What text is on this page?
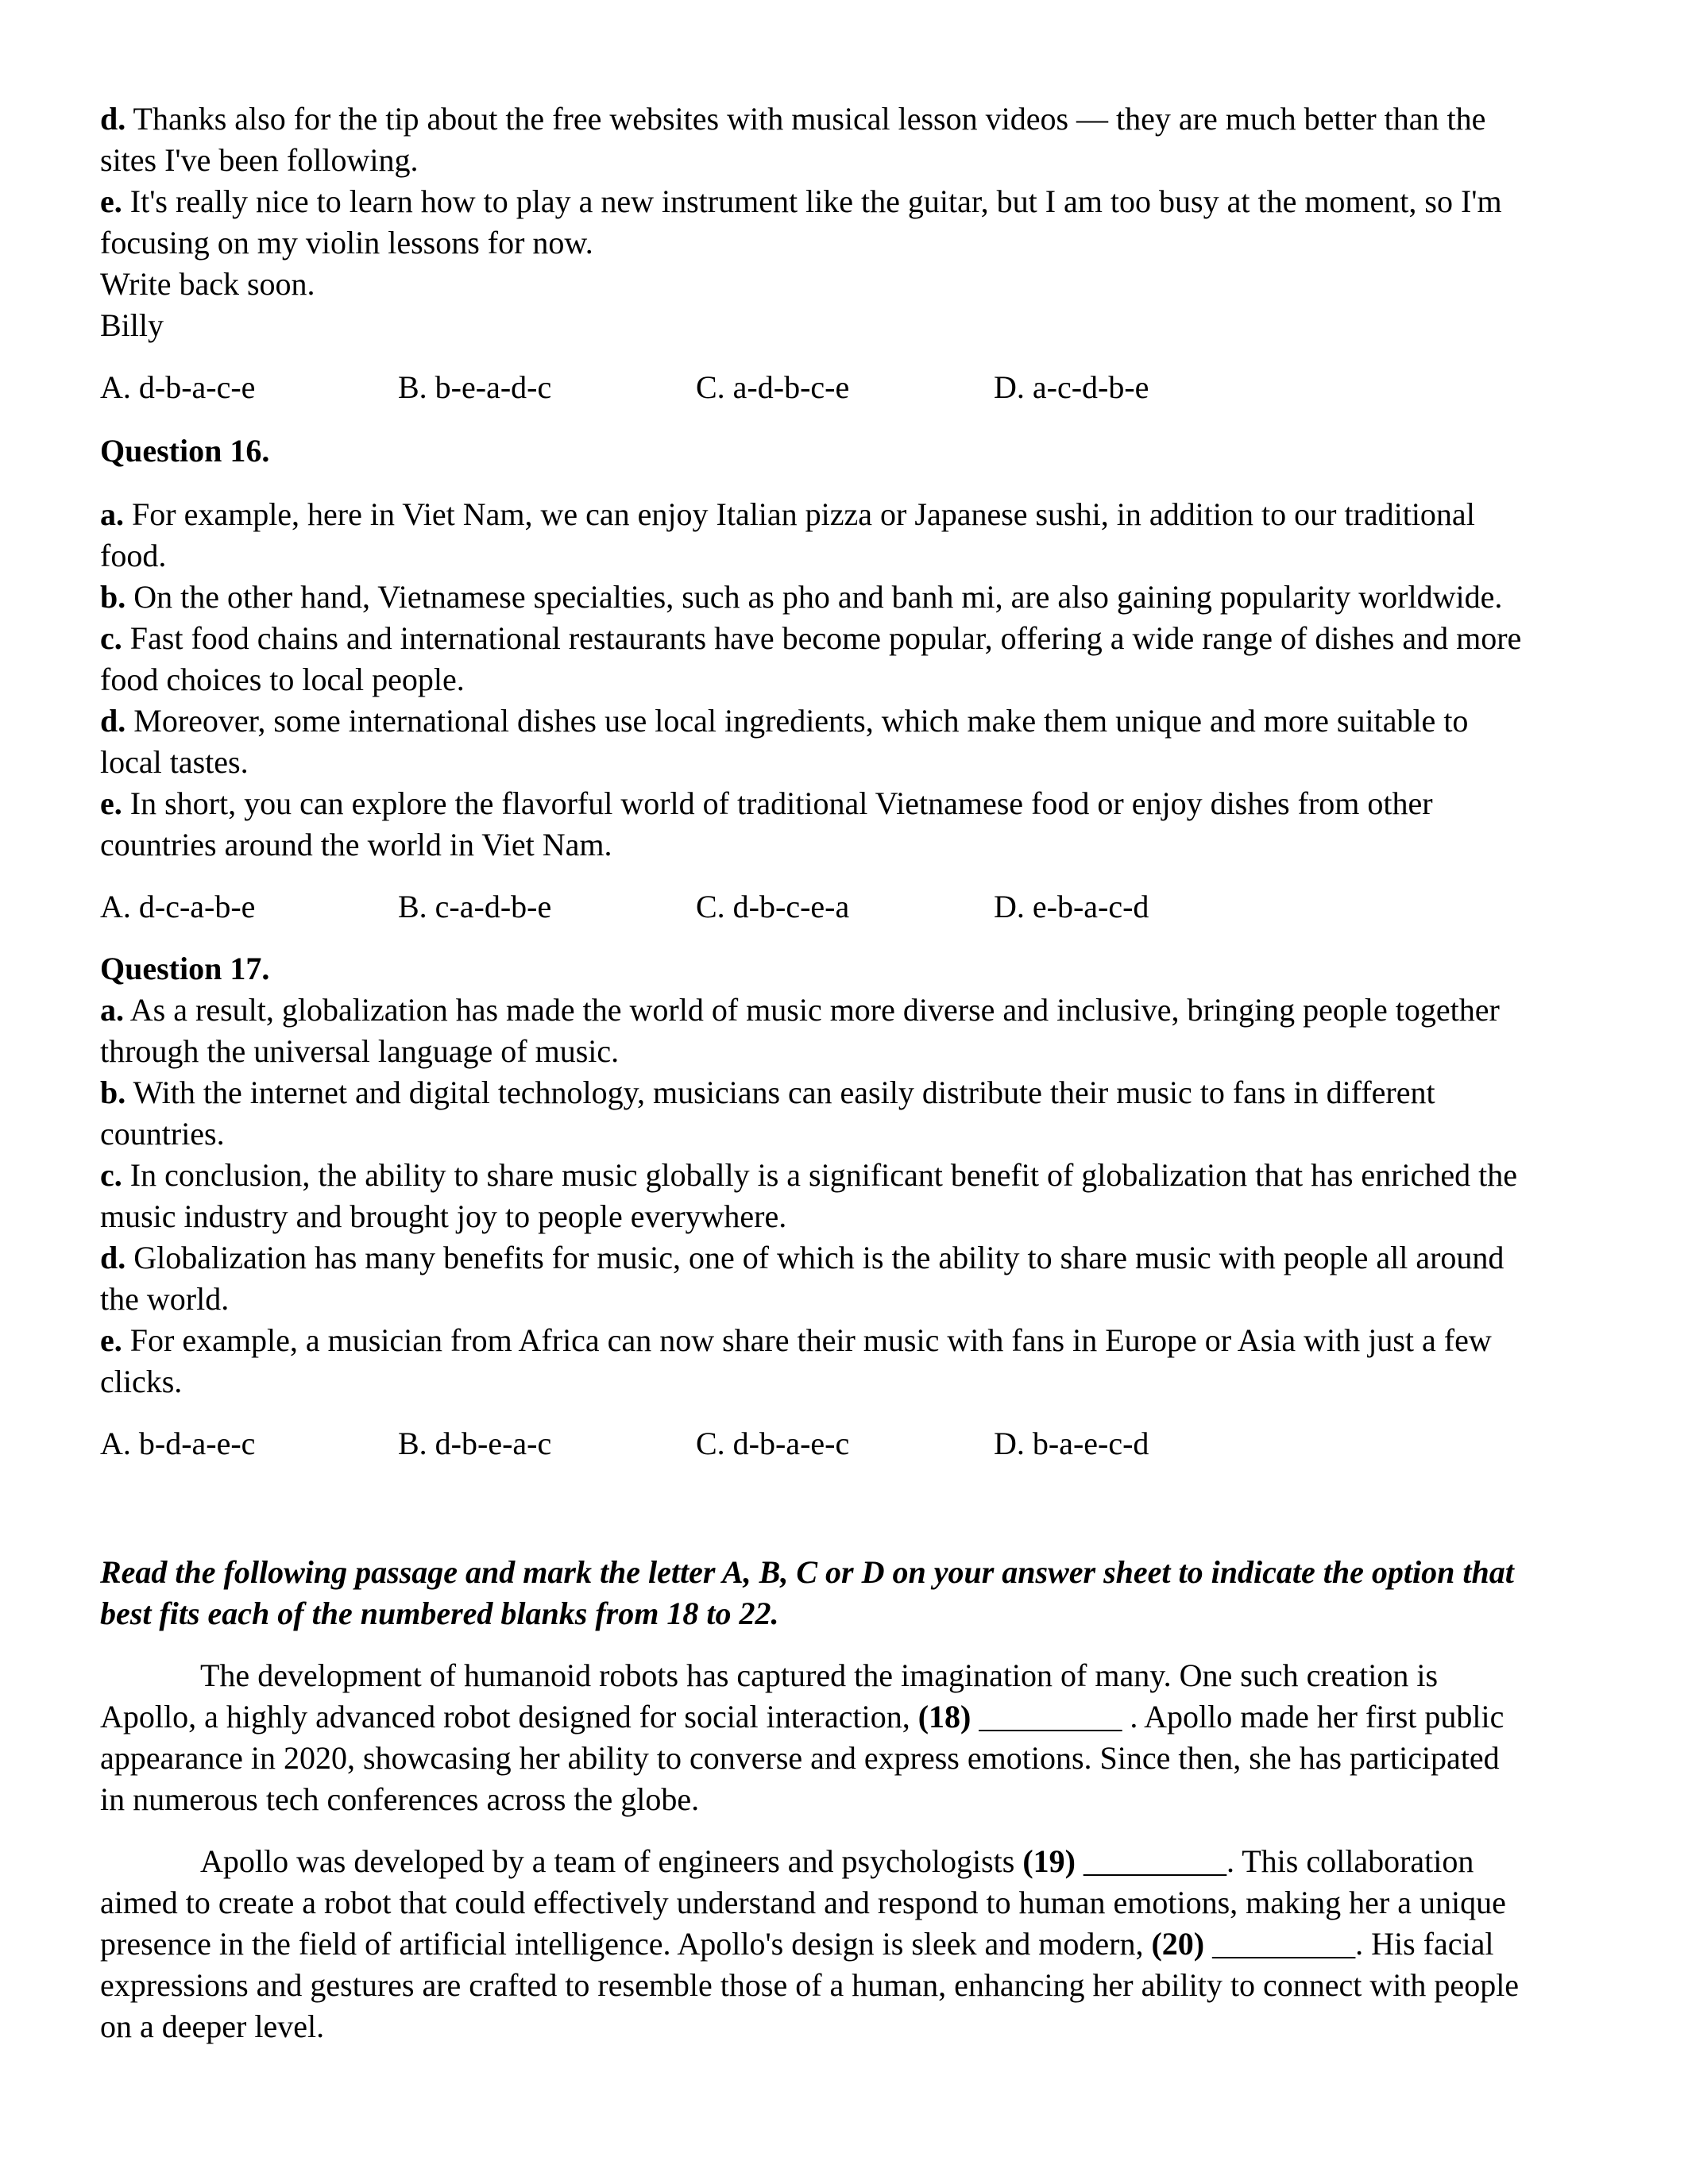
d. Thanks also for the tip about the free websites with musical lesson videos — they are much better than the

sites I've been following.

e. It's really nice to learn how to play a new instrument like the guitar, but I am too busy at the moment, so I'm

focusing on my violin lessons for now.

Write back soon.

Billy

A. d-b-a-c-e	B. b-e-a-d-c	C. a-d-b-c-e	D. a-c-d-b-e

Question 16.

a. For example, here in Viet Nam, we can enjoy Italian pizza or Japanese sushi, in addition to our traditional

food.

b. On the other hand, Vietnamese specialties, such as pho and banh mi, are also gaining popularity worldwide.

c. Fast food chains and international restaurants have become popular, offering a wide range of dishes and more

food choices to local people.

d. Moreover, some international dishes use local ingredients, which make them unique and more suitable to

local tastes.

e. In short, you can explore the flavorful world of traditional Vietnamese food or enjoy dishes from other

countries around the world in Viet Nam.

A. d-c-a-b-e	B. c-a-d-b-e	C. d-b-c-e-a	D. e-b-a-c-d

Question 17.

a. As a result, globalization has made the world of music more diverse and inclusive, bringing people together

through the universal language of music.

b. With the internet and digital technology, musicians can easily distribute their music to fans in different

countries.

c. In conclusion, the ability to share music globally is a significant benefit of globalization that has enriched the

music industry and brought joy to people everywhere.

d. Globalization has many benefits for music, one of which is the ability to share music with people all around

the world.

e. For example, a musician from Africa can now share their music with fans in Europe or Asia with just a few

clicks.

A. b-d-a-e-c	B. d-b-e-a-c	C. d-b-a-e-c	D. b-a-e-c-d

Read the following passage and mark the letter A, B, C or D on your answer sheet to indicate the option that

best fits each of the numbered blanks from 18 to 22.

The development of humanoid robots has captured the imagination of many. One such creation is

Apollo, a highly advanced robot designed for social interaction, (18) _________ . Apollo made her first public

appearance in 2020, showcasing her ability to converse and express emotions. Since then, she has participated

in numerous tech conferences across the globe.

Apollo was developed by a team of engineers and psychologists (19) _________. This collaboration

aimed to create a robot that could effectively understand and respond to human emotions, making her a unique

presence in the field of artificial intelligence. Apollo's design is sleek and modern, (20) _________. His facial

expressions and gestures are crafted to resemble those of a human, enhancing her ability to connect with people

on a deeper level.
